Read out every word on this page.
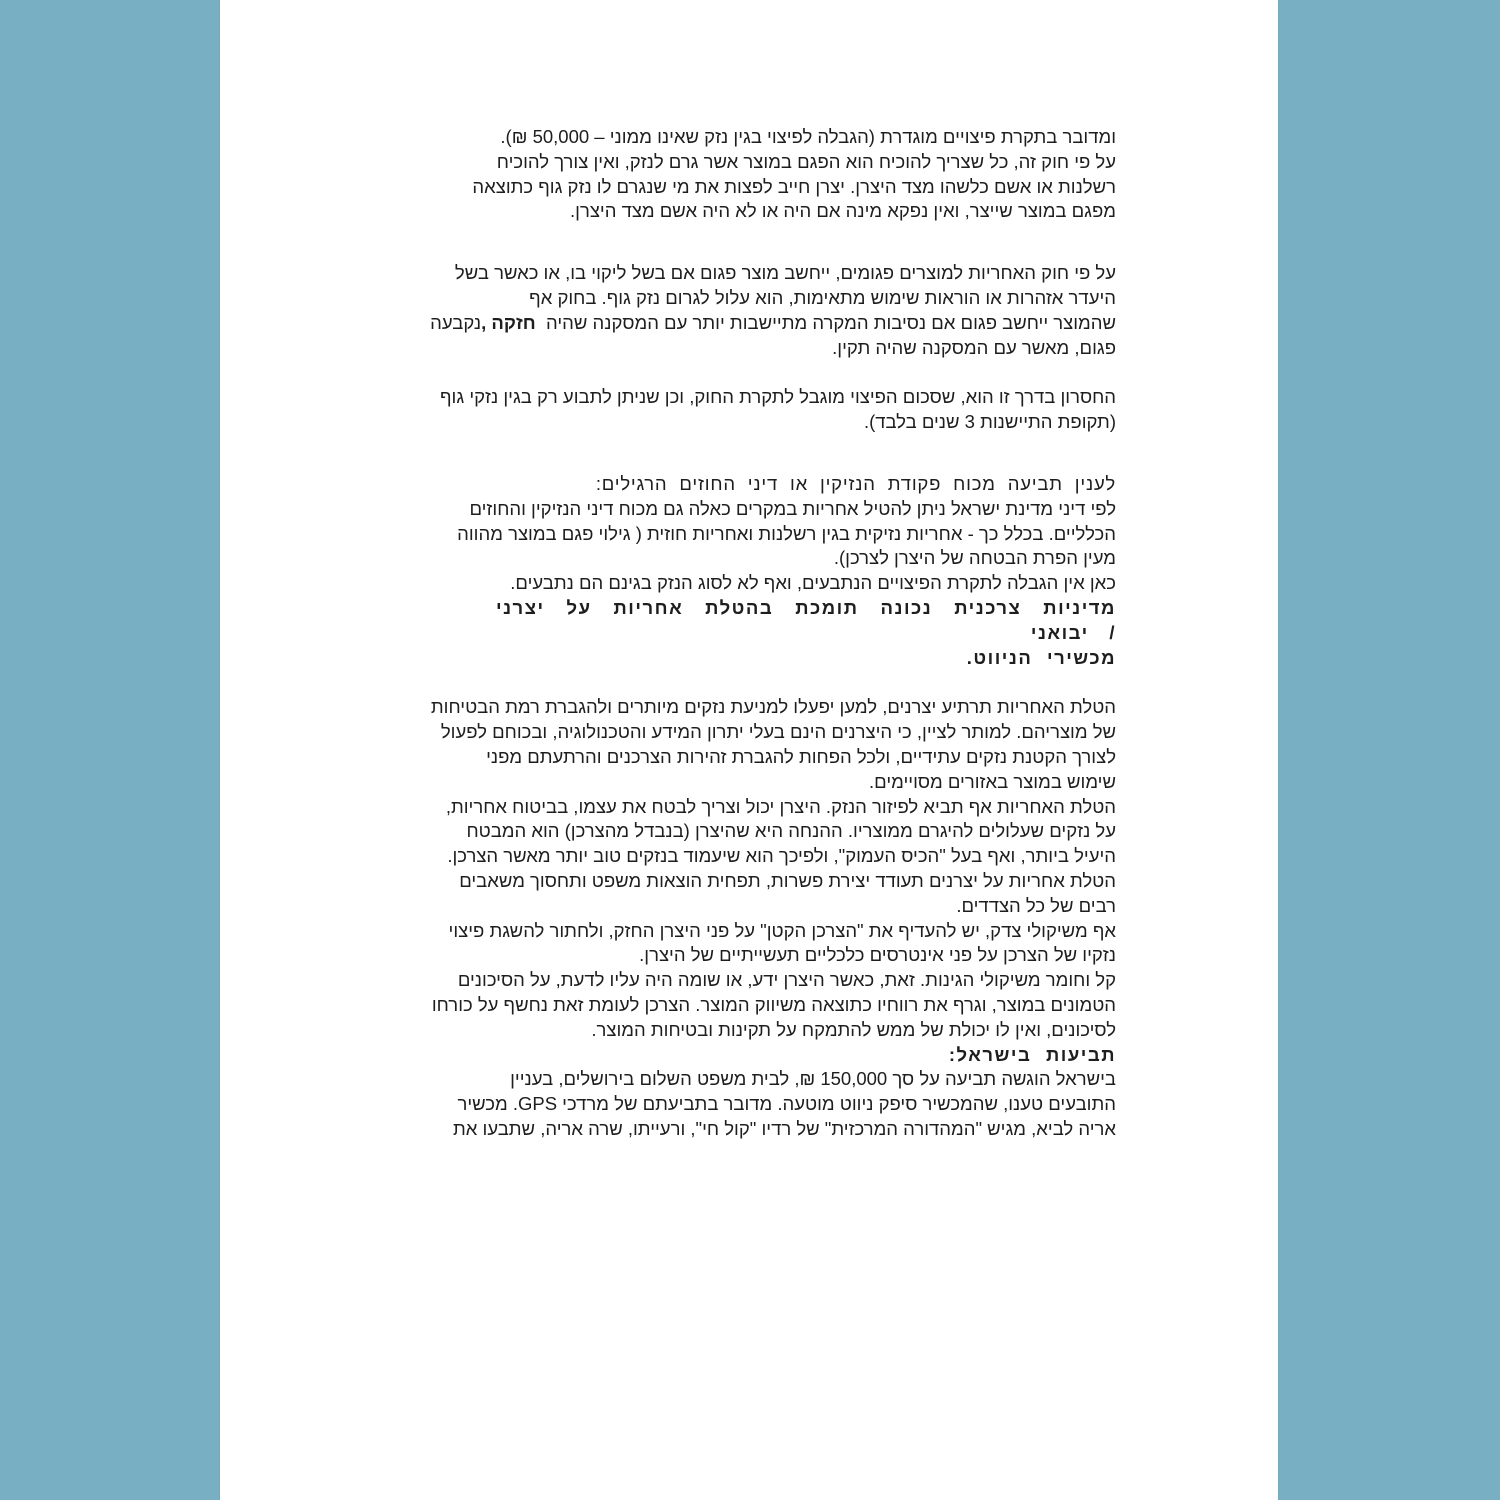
ומדובר בתקרת פיצויים מוגדרת (הגבלה לפיצוי בגין נזק שאינו ממוני – 50,000 ₪).
על פי חוק זה, כל שצריך להוכיח הוא הפגם במוצר אשר גרם לנזק, ואין צורך להוכיח
רשלנות או אשם כלשהו מצד היצרן. יצרן חייב לפצות את מי שנגרם לו נזק גוף כתוצאה
מפגם במוצר שייצר, ואין נפקא מינה אם היה או לא היה אשם מצד היצרן.

על פי חוק האחריות למוצרים פגומים, ייחשב מוצר פגום אם בשל ליקוי בו, או כאשר בשל
היעדר אזהרות או הוראות שימוש מתאימות, הוא עלול לגרום נזק גוף. בחוק אף

שהמוצר ייחשב פגום אם נסיבות המקרה מתיישבות יותר עם המסקנה שהיה  חזקה ,נקבעה

פגום, מאשר עם המסקנה שהיה תקין.

החסרון בדרך זו הוא, שסכום הפיצוי מוגבל לתקרת החוק, וכן שניתן לתבוע רק בגין נזקי גוף
(תקופת התיישנות 3 שנים בלבד).

לענין תביעה מכוח פקודת הנזיקין או דיני החוזים הרגילים:

לפי דיני מדינת ישראל ניתן להטיל אחריות במקרים כאלה גם מכוח דיני הנזיקין והחוזים
הכלליים. בכלל כך - אחריות נזיקית בגין רשלנות ואחריות חוזית ( גילוי פגם במוצר מהווה
מעין הפרת הבטחה של היצרן לצרכן).

כאן אין הגבלה לתקרת הפיצויים הנתבעים, ואף לא לסוג הנזק בגינם הם נתבעים.

מדיניות צרכנית נכונה תומכת בהטלת אחריות על יצרני / יבואני

מכשירי הניווט.

הטלת האחריות תרתיע יצרנים, למען יפעלו למניעת נזקים מיותרים ולהגברת רמת הבטיחות
של מוצריהם. למותר לציין, כי היצרנים הינם בעלי יתרון המידע והטכנולוגיה, ובכוחם לפעול
לצורך הקטנת נזקים עתידיים, ולכל הפחות להגברת זהירות הצרכנים והרתעתם מפני
שימוש במוצר באזורים מסויימים.

הטלת האחריות אף תביא לפיזור הנזק. היצרן יכול וצריך לבטח את עצמו, בביטוח אחריות,
על נזקים שעלולים להיגרם ממוצריו. ההנחה היא שהיצרן (בנבדל מהצרכן) הוא המבטח
היעיל ביותר, ואף בעל "הכיס העמוק", ולפיכך הוא שיעמוד בנזקים טוב יותר מאשר הצרכן.

הטלת אחריות על יצרנים תעודד יצירת פשרות, תפחית הוצאות משפט ותחסוך משאבים
רבים של כל הצדדים.

אף משיקולי צדק, יש להעדיף את "הצרכן הקטן" על פני היצרן החזק, ולחתור להשגת פיצוי
נזקיו של הצרכן על פני אינטרסים כלכליים תעשייתיים של היצרן.

קל וחומר משיקולי הגינות. זאת, כאשר היצרן ידע, או שומה היה עליו לדעת, על הסיכונים
הטמונים במוצר, וגרף את רווחיו כתוצאה משיווק המוצר. הצרכן לעומת זאת נחשף על כורחו
לסיכונים, ואין לו יכולת של ממש להתמקח על תקינות ובטיחות המוצר.

תביעות בישראל:

בישראל הוגשה תביעה על סך 150,000 ₪, לבית משפט השלום בירושלים, בעניין
התובעים טענו, שהמכשיר סיפק ניווט מוטעה. מדובר בתביעתם של מרדכי GPS. מכשיר
אריה לביא, מגיש "המהדורה המרכזית" של רדיו "קול חי", ורעייתו, שרה אריה, שתבעו את
